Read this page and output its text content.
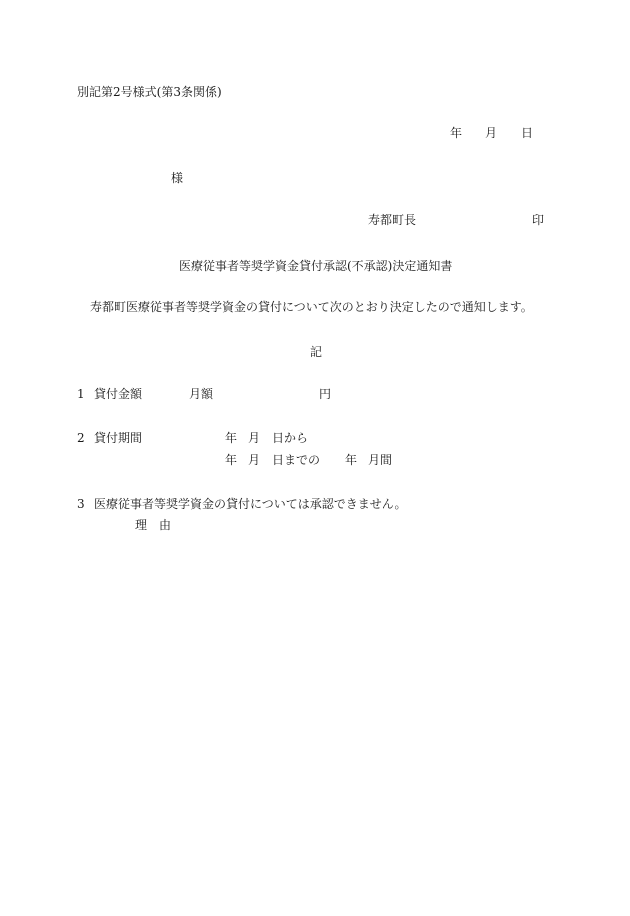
別記第2号様式(第3条関係)
年 月 日
様
寿都町長	印
医療従事者等奨学資金貸付承認(不承認)決定通知書
寿都町医療従事者等奨学資金の貸付について次のとおり決定したので通知します。
記
1 貸付金額	月額	円
2 貸付期間	年 月 日から
年 月 日までの 年 月間
3 医療従事者等奨学資金の貸付については承認できません。
理　由
